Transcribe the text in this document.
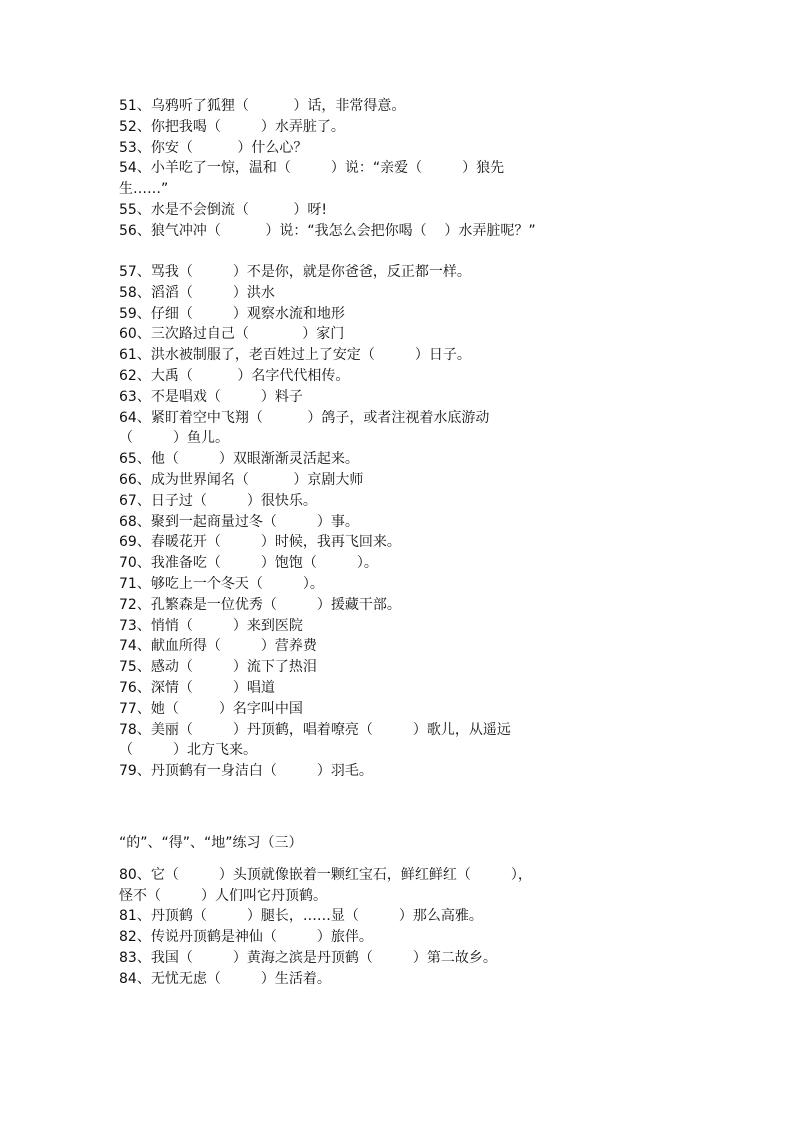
51、乌鸦听了狐狸（          ）话，非常得意。
52、你把我喝（         ）水弄脏了。
53、你安（          ）什么心？
54、小羊吃了一惊，温和（         ）说：“亲爱（         ）狼先
生……”
55、水是不会倒流（          ）呀!
56、狼气冲冲（          ）说：“我怎么会把你喝（    ）水弄脏呢？”
57、骂我（         ）不是你，就是你爸爸，反正都一样。
58、滔滔（         ）洪水
59、仔细（         ）观察水流和地形
60、三次路过自己（            ）家门
61、洪水被制服了，老百姓过上了安定（         ）日子。
62、大禹（          ）名字代代相传。
63、不是唱戏（         ）料子
64、紧盯着空中飞翔（          ）鸽子，或者注视着水底游动
（         ）鱼儿。
65、他（         ）双眼渐渐灵活起来。
66、成为世界闻名（          ）京剧大师
67、日子过（         ）很快乐。
68、聚到一起商量过冬（         ）事。
69、春暖花开（         ）时候，我再飞回来。
70、我准备吃（         ）饱饱（         ）。
71、够吃上一个冬天（         ）。
72、孔繁森是一位优秀（         ）援藏干部。
73、悄悄（         ）来到医院
74、献血所得（         ）营养费
75、感动（         ）流下了热泪
76、深情（         ）唱道
77、她（         ）名字叫中国
78、美丽（         ）丹顶鹤，唱着嘹亮（         ）歌儿，从遥远
（         ）北方飞来。
79、丹顶鹤有一身洁白（         ）羽毛。
“的”、“得”、“地”练习（三）
80、它（         ）头顶就像嵌着一颗红宝石，鲜红鲜红（         ），
怪不（         ）人们叫它丹顶鹤。
81、丹顶鹤（         ）腿长，……显（         ）那么高雅。
82、传说丹顶鹤是神仙（         ）旅伴。
83、我国（         ）黄海之滨是丹顶鹤（         ）第二故乡。
84、无忧无虑（         ）生活着。
